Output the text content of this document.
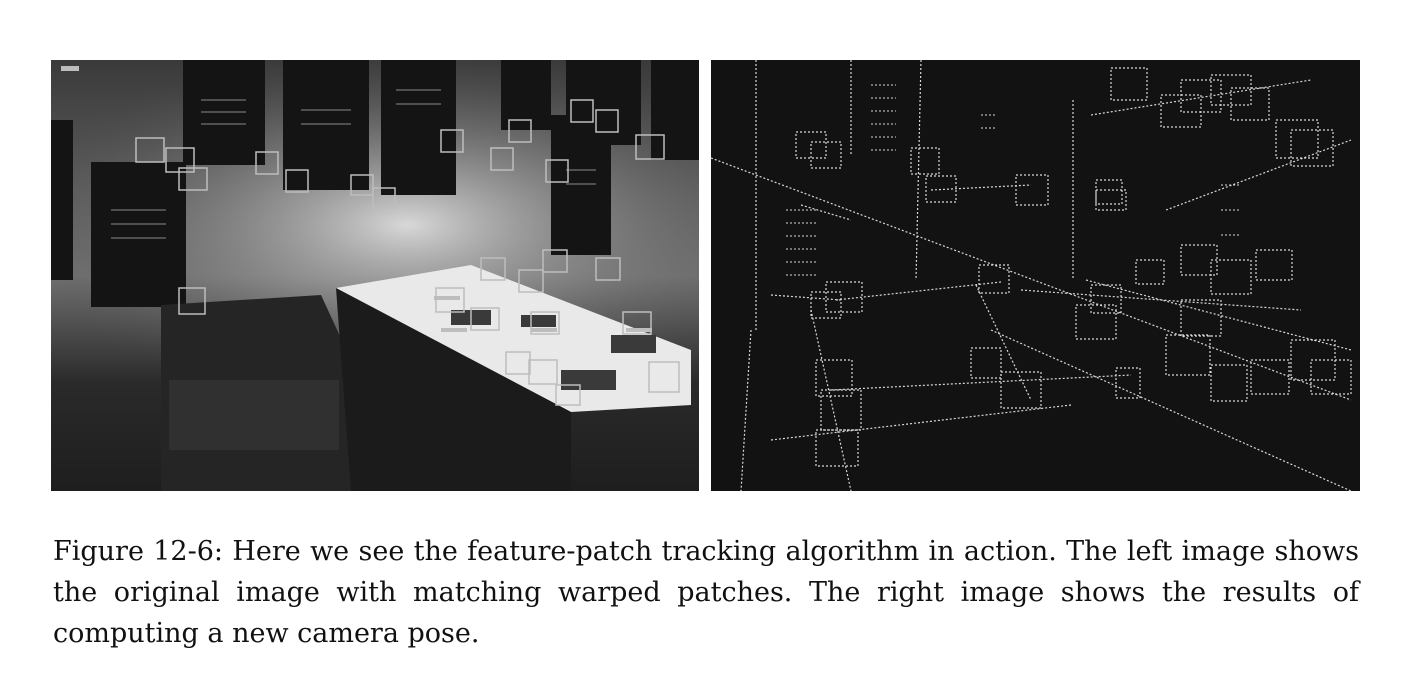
Figure 12-6: Here we see the feature-patch tracking algorithm in action. The left image shows the original image with matching warped patches. The right image shows the results of computing a new camera pose.
